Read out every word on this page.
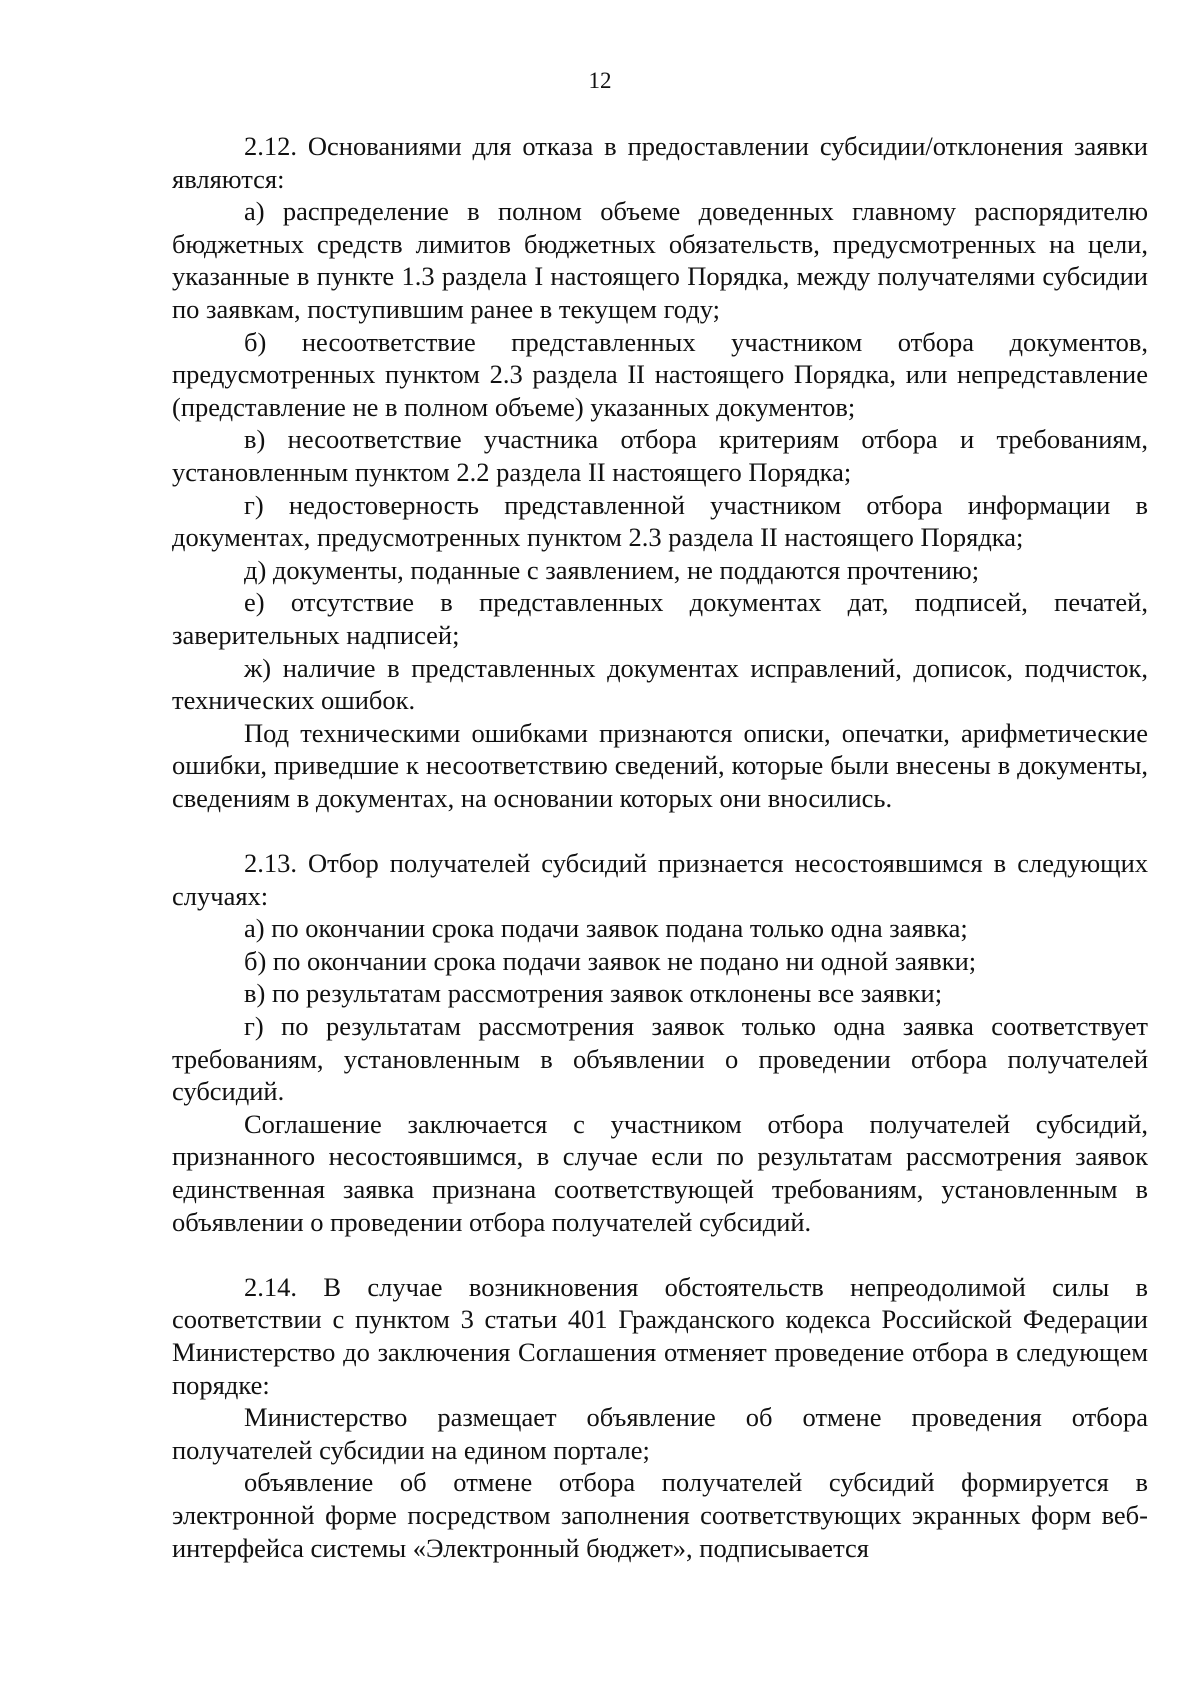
12

2.12. Основаниями для отказа в предоставлении субсидии/отклонения заявки являются:

а) распределение в полном объеме доведенных главному распорядителю бюджетных средств лимитов бюджетных обязательств, предусмотренных на цели, указанные в пункте 1.3 раздела I настоящего Порядка, между получателями субсидии по заявкам, поступившим ранее в текущем году;

б) несоответствие представленных участником отбора документов, предусмотренных пунктом 2.3 раздела II настоящего Порядка, или непредставление (представление не в полном объеме) указанных документов;

в) несоответствие участника отбора критериям отбора и требованиям, установленным пунктом 2.2 раздела II настоящего Порядка;

г) недостоверность представленной участником отбора информации в документах, предусмотренных пунктом 2.3 раздела II настоящего Порядка;

д) документы, поданные с заявлением, не поддаются прочтению;

е) отсутствие в представленных документах дат, подписей, печатей, заверительных надписей;

ж) наличие в представленных документах исправлений, дописок, подчисток, технических ошибок.

Под техническими ошибками признаются описки, опечатки, арифметические ошибки, приведшие к несоответствию сведений, которые были внесены в документы, сведениям в документах, на основании которых они вносились.

2.13. Отбор получателей субсидий признается несостоявшимся в следующих случаях:

а) по окончании срока подачи заявок подана только одна заявка;

б) по окончании срока подачи заявок не подано ни одной заявки;

в) по результатам рассмотрения заявок отклонены все заявки;

г) по результатам рассмотрения заявок только одна заявка соответствует требованиям, установленным в объявлении о проведении отбора получателей субсидий.

Соглашение заключается с участником отбора получателей субсидий, признанного несостоявшимся, в случае если по результатам рассмотрения заявок единственная заявка признана соответствующей требованиям, установленным в объявлении о проведении отбора получателей субсидий.

2.14. В случае возникновения обстоятельств непреодолимой силы в соответствии с пунктом 3 статьи 401 Гражданского кодекса Российской Федерации Министерство до заключения Соглашения отменяет проведение отбора в следующем порядке:

Министерство размещает объявление об отмене проведения отбора получателей субсидии на едином портале;

объявление об отмене отбора получателей субсидий формируется в электронной форме посредством заполнения соответствующих экранных форм веб-интерфейса системы «Электронный бюджет», подписывается
